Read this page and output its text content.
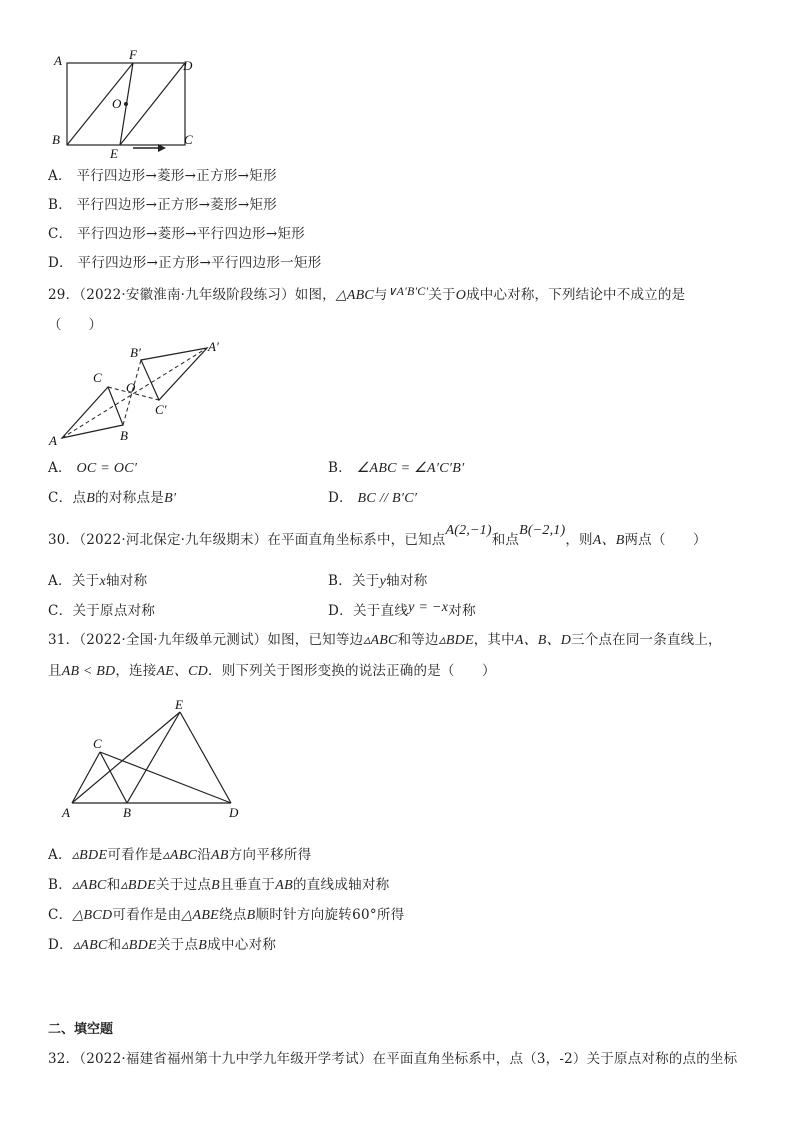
A	F
D
O
B
E
C
A． 平行四边形→菱形→正方形→矩形
B． 平行四边形→正方形→菱形→矩形
C． 平行四边形→菱形→平行四边形→矩形
D． 平行四边形→正方形→平行四边形一矩形
29．（2022·安徽淮南·九年级阶段练习）如图，△ABC与∨A′B′C′关于O成中心对称，下列结论中不成立的是
（　　）
B′	A′
C
O
C′
A	B
A． OC = OC′	B． ∠ABC = ∠A′C′B′
C．点B的对称点是B′	D． BC // B′C′
30．（2022·河北保定·九年级期末）在平面直角坐标系中，已知点A(2,−1)和点B(−2,1)，则A、B两点（　　）
A．关于x轴对称	B．关于y轴对称
C．关于原点对称	D．关于直线y = −x对称
31．（2022·全国·九年级单元测试）如图，已知等边▵ABC和等边▵BDE，其中A、B、D三个点在同一条直线上，
且AB < BD，连接AE、CD．则下列关于图形变换的说法正确的是（　　）
E
C
A	B	D
A．▵BDE可看作是▵ABC沿AB方向平移所得
B．▵ABC和▵BDE关于过点B且垂直于AB的直线成轴对称
C．△BCD可看作是由△ABE绕点B顺时针方向旋转60°所得
D．▵ABC和▵BDE关于点B成中心对称
二、填空题
32．（2022·福建省福州第十九中学九年级开学考试）在平面直角坐标系中，点（3，-2）关于原点对称的点的坐标
